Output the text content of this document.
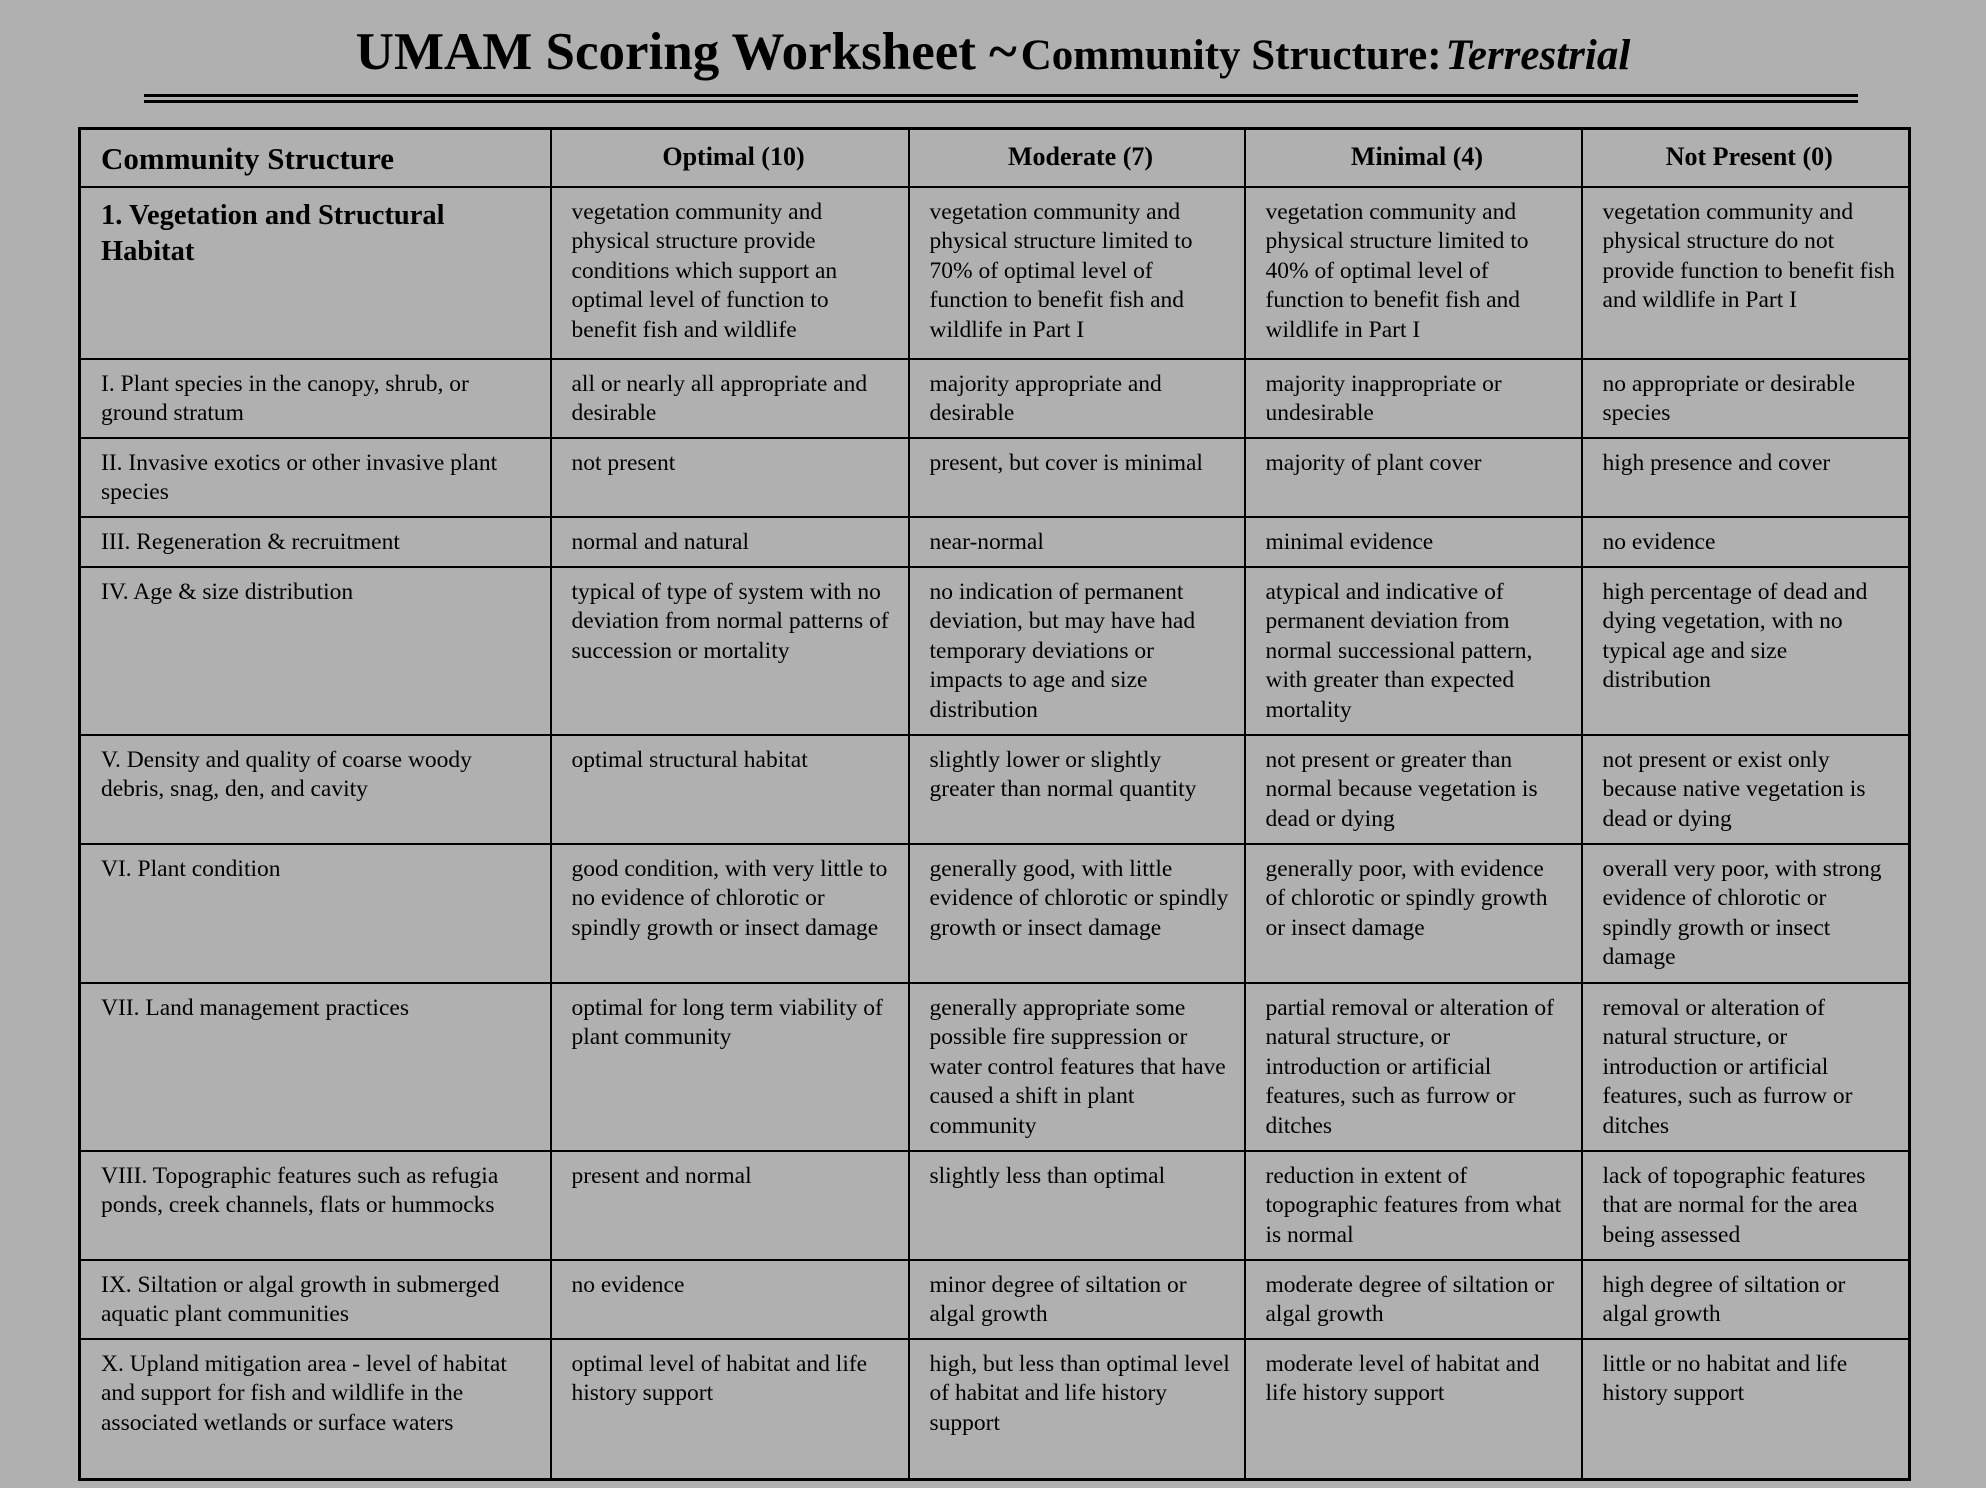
UMAM Scoring Worksheet ~ Community Structure: Terrestrial
Community Structure	Optimal (10)	Moderate (7)	Minimal (4)	Not Present (0)
1. Vegetation and Structural Habitat	vegetation community and physical structure provide conditions which support an optimal level of function to benefit fish and wildlife	vegetation community and physical structure limited to 70% of optimal level of function to benefit fish and wildlife in Part I	vegetation community and physical structure limited to 40% of optimal level of function to benefit fish and wildlife in Part I	vegetation community and physical structure do not provide function to benefit fish and wildlife in Part I
I. Plant species in the canopy, shrub, or ground stratum	all or nearly all appropriate and desirable	majority appropriate and desirable	majority inappropriate or undesirable	no appropriate or desirable species
II. Invasive exotics or other invasive plant species	not present	present, but cover is minimal	majority of plant cover	high presence and cover
III. Regeneration & recruitment	normal and natural	near-normal	minimal evidence	no evidence
IV. Age & size distribution	typical of type of system with no deviation from normal patterns of succession or mortality	no indication of permanent deviation, but may have had temporary deviations or impacts to age and size distribution	atypical and indicative of permanent deviation from normal successional pattern, with greater than expected mortality	high percentage of dead and dying vegetation, with no typical age and size distribution
V. Density and quality of coarse woody debris, snag, den, and cavity	optimal structural habitat	slightly lower or slightly greater than normal quantity	not present or greater than normal because vegetation is dead or dying	not present or exist only because native vegetation is dead or dying
VI. Plant condition	good condition, with very little to no evidence of chlorotic or spindly growth or insect damage	generally good, with little evidence of chlorotic or spindly growth or insect damage	generally poor, with evidence of chlorotic or spindly growth or insect damage	overall very poor, with strong evidence of chlorotic or spindly growth or insect damage
VII. Land management practices	optimal for long term viability of plant community	generally appropriate some possible fire suppression or water control features that have caused a shift in plant community	partial removal or alteration of natural structure, or introduction or artificial features, such as furrow or ditches	removal or alteration of natural structure, or introduction or artificial features, such as furrow or ditches
VIII. Topographic features such as refugia ponds, creek channels, flats or hummocks	present and normal	slightly less than optimal	reduction in extent of topographic features from what is normal	lack of topographic features that are normal for the area being assessed
IX. Siltation or algal growth in submerged aquatic plant communities	no evidence	minor degree of siltation or algal growth	moderate degree of siltation or algal growth	high degree of siltation or algal growth
X. Upland mitigation area - level of habitat and support for fish and wildlife in the associated wetlands or surface waters	optimal level of habitat and life history support	high, but less than optimal level of habitat and life history support	moderate level of habitat and life history support	little or no habitat and life history support
